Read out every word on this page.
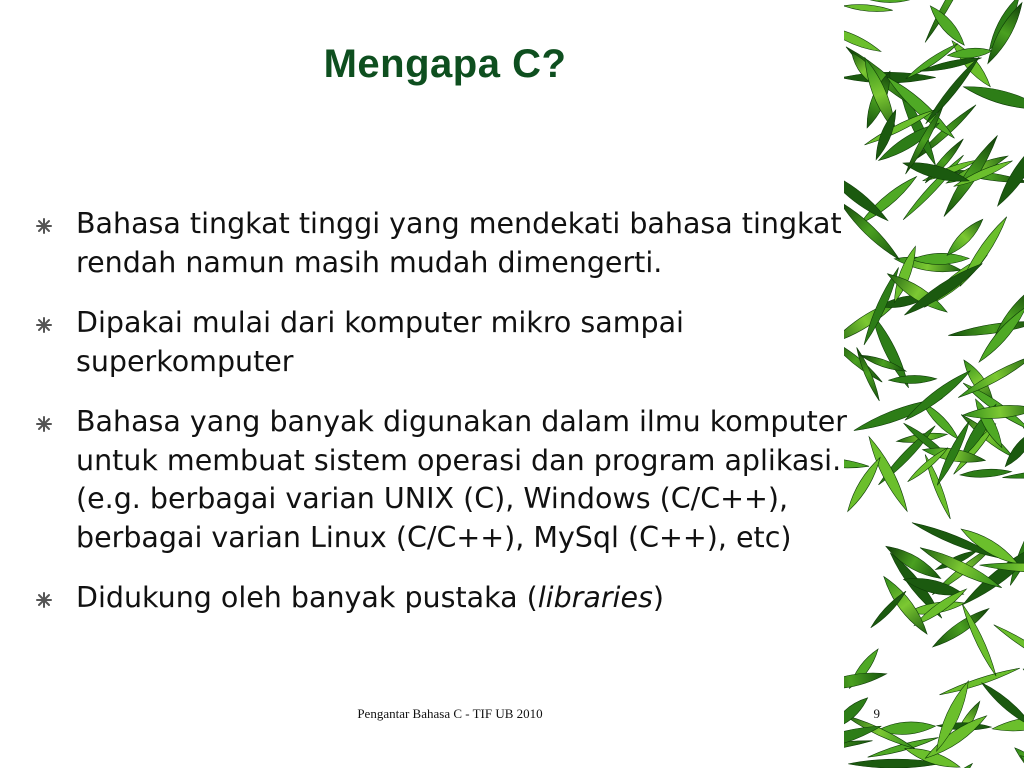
Mengapa C?
Bahasa tingkat tinggi yang mendekati bahasa tingkat rendah namun masih mudah dimengerti.
Dipakai mulai dari komputer mikro sampai superkomputer
Bahasa yang banyak digunakan dalam ilmu komputer untuk membuat sistem operasi dan program aplikasi. (e.g. berbagai varian UNIX (C), Windows (C/C++), berbagai varian Linux (C/C++), MySql (C++), etc)
Didukung oleh banyak pustaka (libraries)
Pengantar Bahasa C - TIF UB 2010	9
